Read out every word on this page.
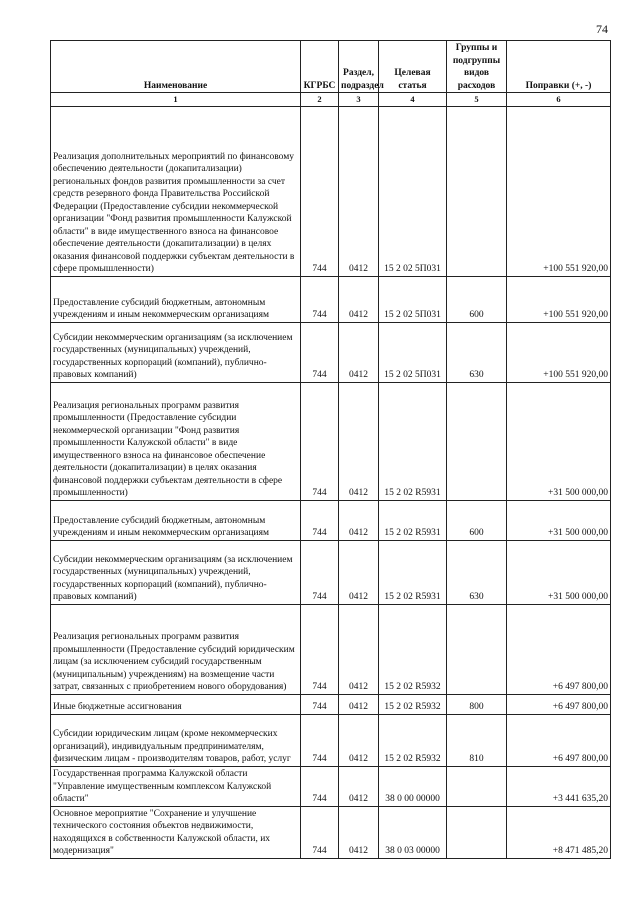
74
Наименование	КГРБС	Раздел, подраздел	Целевая статья	Группы и подгруппы видов расходов	Поправки (+, -)
1	2	3	4	5	6
Реализация дополнительных мероприятий по финансовому обеспечению деятельности (докапитализации) региональных фондов развития промышленности за счет средств резервного фонда Правительства Российской Федерации (Предоставление субсидии некоммерческой организации "Фонд развития промышленности Калужской области" в виде имущественного взноса на финансовое обеспечение деятельности (докапитализации) в целях оказания финансовой поддержки субъектам деятельности в сфере промышленности)	744	0412	15 2 02 5П031		+100 551 920,00
Предоставление субсидий бюджетным, автономным учреждениям и иным некоммерческим организациям	744	0412	15 2 02 5П031	600	+100 551 920,00
Субсидии некоммерческим организациям (за исключением государственных (муниципальных) учреждений, государственных корпораций (компаний), публично-правовых компаний)	744	0412	15 2 02 5П031	630	+100 551 920,00
Реализация региональных программ развития промышленности (Предоставление субсидии некоммерческой организации "Фонд развития промышленности Калужской области" в виде имущественного взноса на финансовое обеспечение деятельности (докапитализации) в целях оказания финансовой поддержки субъектам деятельности в сфере промышленности)	744	0412	15 2 02 R5931		+31 500 000,00
Предоставление субсидий бюджетным, автономным учреждениям и иным некоммерческим организациям	744	0412	15 2 02 R5931	600	+31 500 000,00
Субсидии некоммерческим организациям (за исключением государственных (муниципальных) учреждений, государственных корпораций (компаний), публично-правовых компаний)	744	0412	15 2 02 R5931	630	+31 500 000,00
Реализация региональных программ развития промышленности (Предоставление субсидий юридическим лицам (за исключением субсидий государственным (муниципальным) учреждениям) на возмещение части затрат, связанных с приобретением нового оборудования)	744	0412	15 2 02 R5932		+6 497 800,00
Иные бюджетные ассигнования	744	0412	15 2 02 R5932	800	+6 497 800,00
Субсидии юридическим лицам (кроме некоммерческих организаций), индивидуальным предпринимателям, физическим лицам - производителям товаров, работ, услуг	744	0412	15 2 02 R5932	810	+6 497 800,00
Государственная программа Калужской области "Управление имущественным комплексом Калужской области"	744	0412	38 0 00 00000		+3 441 635,20
Основное мероприятие "Сохранение и улучшение технического состояния объектов недвижимости, находящихся в собственности Калужской области, их модернизация"	744	0412	38 0 03 00000		+8 471 485,20
